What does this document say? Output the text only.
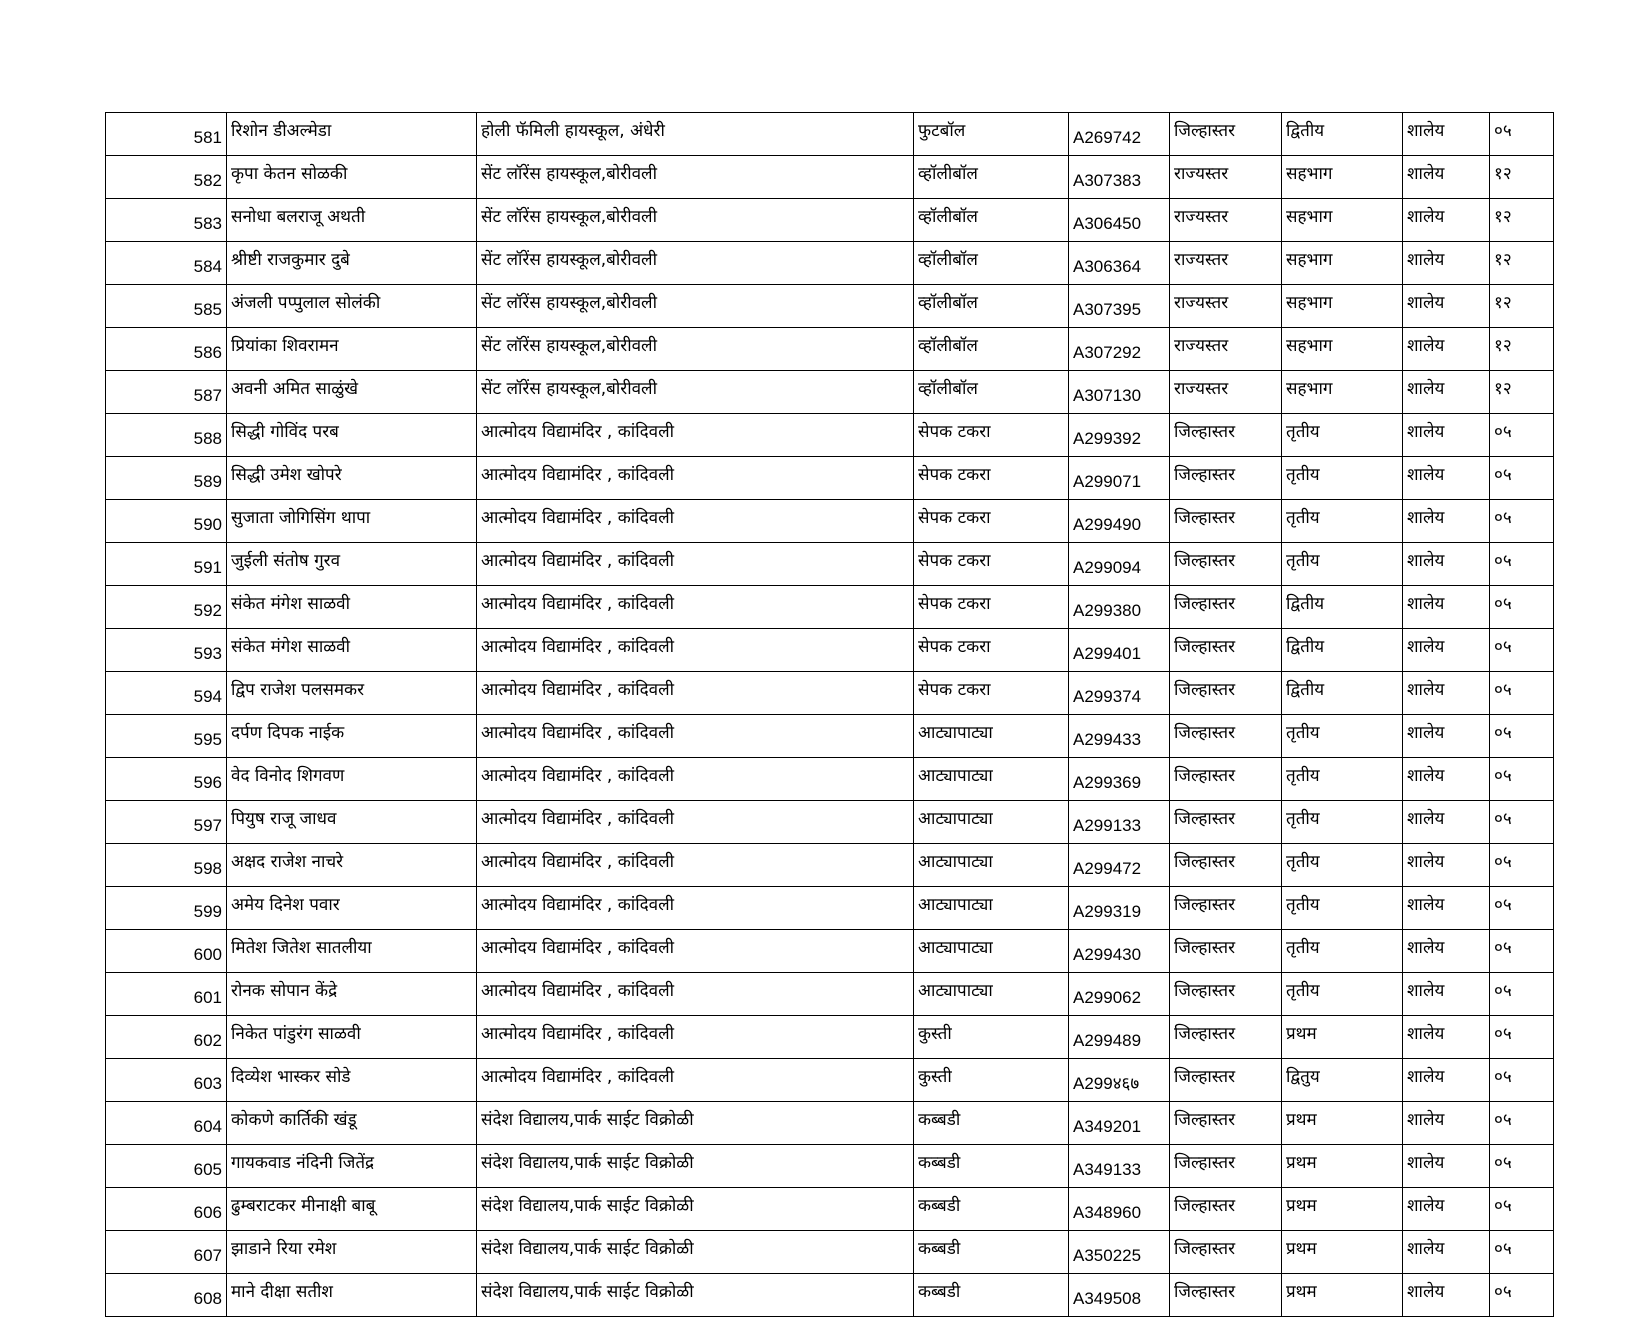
581	रिशोन डीअल्मेडा	होली फॅमिली हायस्कूल, अंधेरी	फुटबॉल	A269742	जिल्हास्तर	द्वितीय	शालेय	०५
582	कृपा केतन सोळकी	सेंट लॉरेंस हायस्कूल,बोरीवली	व्हॉलीबॉल	A307383	राज्यस्तर	सहभाग	शालेय	१२
583	सनोधा बलराजू अथती	सेंट लॉरेंस हायस्कूल,बोरीवली	व्हॉलीबॉल	A306450	राज्यस्तर	सहभाग	शालेय	१२
584	श्रीष्टी राजकुमार दुबे	सेंट लॉरेंस हायस्कूल,बोरीवली	व्हॉलीबॉल	A306364	राज्यस्तर	सहभाग	शालेय	१२
585	अंजली पप्पुलाल सोलंकी	सेंट लॉरेंस हायस्कूल,बोरीवली	व्हॉलीबॉल	A307395	राज्यस्तर	सहभाग	शालेय	१२
586	प्रियांका शिवरामन	सेंट लॉरेंस हायस्कूल,बोरीवली	व्हॉलीबॉल	A307292	राज्यस्तर	सहभाग	शालेय	१२
587	अवनी अमित साळुंखे	सेंट लॉरेंस हायस्कूल,बोरीवली	व्हॉलीबॉल	A307130	राज्यस्तर	सहभाग	शालेय	१२
588	सिद्धी गोविंद परब	आत्मोदय विद्यामंदिर , कांदिवली	सेपक टकरा	A299392	जिल्हास्तर	तृतीय	शालेय	०५
589	सिद्धी उमेश खोपरे	आत्मोदय विद्यामंदिर , कांदिवली	सेपक टकरा	A299071	जिल्हास्तर	तृतीय	शालेय	०५
590	सुजाता जोगिसिंग थापा	आत्मोदय विद्यामंदिर , कांदिवली	सेपक टकरा	A299490	जिल्हास्तर	तृतीय	शालेय	०५
591	जुईली संतोष गुरव	आत्मोदय विद्यामंदिर , कांदिवली	सेपक टकरा	A299094	जिल्हास्तर	तृतीय	शालेय	०५
592	संकेत मंगेश साळवी	आत्मोदय विद्यामंदिर , कांदिवली	सेपक टकरा	A299380	जिल्हास्तर	द्वितीय	शालेय	०५
593	संकेत मंगेश साळवी	आत्मोदय विद्यामंदिर , कांदिवली	सेपक टकरा	A299401	जिल्हास्तर	द्वितीय	शालेय	०५
594	द्विप राजेश पलसमकर	आत्मोदय विद्यामंदिर , कांदिवली	सेपक टकरा	A299374	जिल्हास्तर	द्वितीय	शालेय	०५
595	दर्पण दिपक नाईक	आत्मोदय विद्यामंदिर , कांदिवली	आट्यापाट्या	A299433	जिल्हास्तर	तृतीय	शालेय	०५
596	वेद विनोद शिगवण	आत्मोदय विद्यामंदिर , कांदिवली	आट्यापाट्या	A299369	जिल्हास्तर	तृतीय	शालेय	०५
597	पियुष राजू जाधव	आत्मोदय विद्यामंदिर , कांदिवली	आट्यापाट्या	A299133	जिल्हास्तर	तृतीय	शालेय	०५
598	अक्षद राजेश नाचरे	आत्मोदय विद्यामंदिर , कांदिवली	आट्यापाट्या	A299472	जिल्हास्तर	तृतीय	शालेय	०५
599	अमेय दिनेश पवार	आत्मोदय विद्यामंदिर , कांदिवली	आट्यापाट्या	A299319	जिल्हास्तर	तृतीय	शालेय	०५
600	मितेश जितेश सातलीया	आत्मोदय विद्यामंदिर , कांदिवली	आट्यापाट्या	A299430	जिल्हास्तर	तृतीय	शालेय	०५
601	रोनक सोपान केंद्रे	आत्मोदय विद्यामंदिर , कांदिवली	आट्यापाट्या	A299062	जिल्हास्तर	तृतीय	शालेय	०५
602	निकेत पांडुरंग साळवी	आत्मोदय विद्यामंदिर , कांदिवली	कुस्ती	A299489	जिल्हास्तर	प्रथम	शालेय	०५
603	दिव्येश भास्कर सोडे	आत्मोदय विद्यामंदिर , कांदिवली	कुस्ती	A299४६७	जिल्हास्तर	द्वितुय	शालेय	०५
604	कोकणे कार्तिकी खंडू	संदेश विद्यालय,पार्क साईट विक्रोळी	कब्बडी	A349201	जिल्हास्तर	प्रथम	शालेय	०५
605	गायकवाड नंदिनी जितेंद्र	संदेश विद्यालय,पार्क साईट विक्रोळी	कब्बडी	A349133	जिल्हास्तर	प्रथम	शालेय	०५
606	ढुम्बराटकर मीनाक्षी बाबू	संदेश विद्यालय,पार्क साईट विक्रोळी	कब्बडी	A348960	जिल्हास्तर	प्रथम	शालेय	०५
607	झाडाने रिया रमेश	संदेश विद्यालय,पार्क साईट विक्रोळी	कब्बडी	A350225	जिल्हास्तर	प्रथम	शालेय	०५
608	माने दीक्षा सतीश	संदेश विद्यालय,पार्क साईट विक्रोळी	कब्बडी	A349508	जिल्हास्तर	प्रथम	शालेय	०५
